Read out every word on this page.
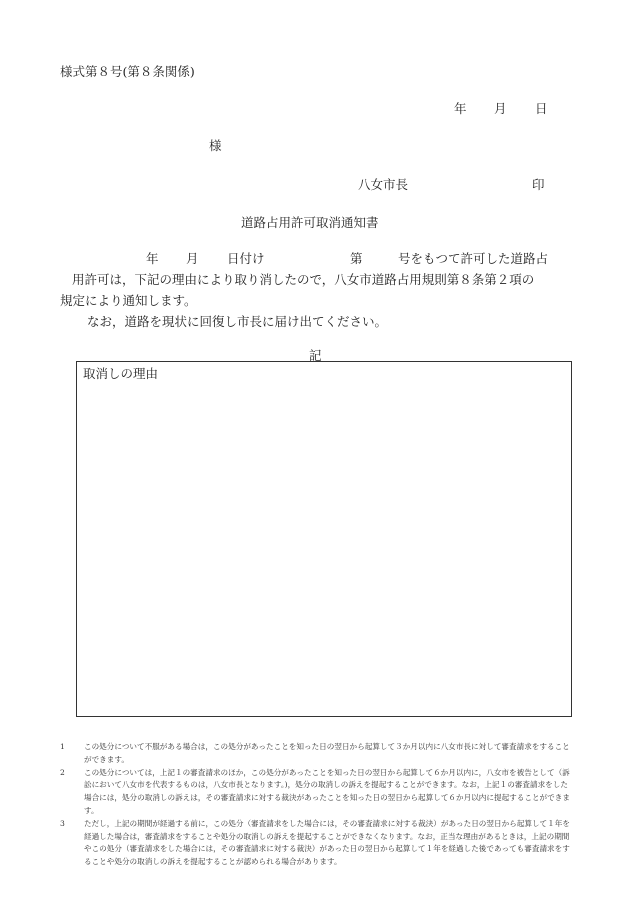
様式第８号(第８条関係)
年 月 日
様
八女市長	印
道路占用許可取消通知書
年 月 日付け	第	号をもつて許可した道路占
用許可は，下記の理由により取り消したので，八女市道路占用規則第８条第２項の
規定により通知します。
なお，道路を現状に回復し市長に届け出てください。
記
取消しの理由
1	この処分について不服がある場合は，この処分があったことを知った日の翌日から起算して３か月以内に八女市長に対して審査請求をすることができます。
2	この処分については，上記１の審査請求のほか，この処分があったことを知った日の翌日から起算して６か月以内に，八女市を被告として（訴訟において八女市を代表するものは，八女市長となります。)，処分の取消しの訴えを提起することができます。なお，上記１の審査請求をした場合には，処分の取消しの訴えは，その審査請求に対する裁決があったことを知った日の翌日から起算して６か月以内に提起することができます。
3	ただし，上記の期間が経過する前に，この処分（審査請求をした場合には，その審査請求に対する裁決）があった日の翌日から起算して１年を経過した場合は，審査請求をすることや処分の取消しの訴えを提起することができなくなります。なお，正当な理由があるときは，上記の期間やこの処分（審査請求をした場合には，その審査請求に対する裁決）があった日の翌日から起算して１年を経過した後であっても審査請求をすることや処分の取消しの訴えを提起することが認められる場合があります。
